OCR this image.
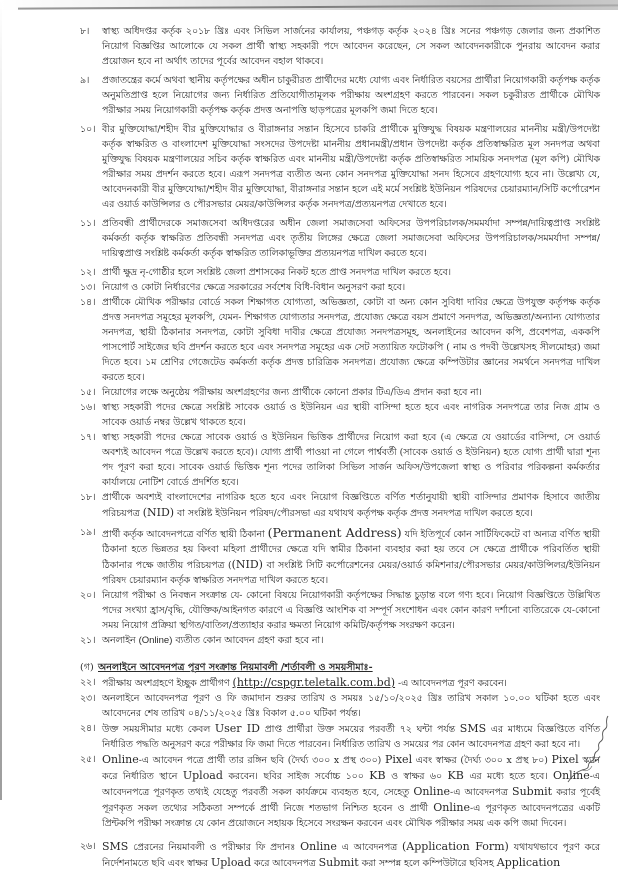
৮।	স্বাস্থ্য অধিদপ্তর কর্তৃক ২০১৮ খ্রিঃ এবং সিভিল সার্জনের কার্যালয়, পঞ্চগড় কর্তৃক ২০২৪ খ্রিঃ সনের পঞ্চগড় জেলার জন্য প্রকাশিত নিয়োগ বিজ্ঞপ্তির আলোকে যে সকল প্রার্থী স্বাস্থ্য সহকারী পদে আবেদন করেছেন, সে সকল আবেদনকারীকে পুনরায় আবেদন করার প্রয়োজন হবে না অর্থাৎ তাদের পূর্বের আবেদন বহাল থাকবে।
৯।	প্রজাতন্ত্রের কর্মে অথবা স্থানীয় কর্তৃপক্ষের অধীন চাকুরীরত প্রার্থীদের মধ্যে যোগ্য এবং নির্ধারিত বয়সের প্রার্থীরা নিয়োগকারী কর্তৃপক্ষ কর্তৃক অনুমতিপ্রাপ্ত হলে নিয়োগের জন্য নির্ধারিত প্রতিযোগীতামূলক পরীক্ষায় অংশগ্রহণ করতে পারবেন। সকল চকুরীরত প্রার্থীকে মৌখিক পরীক্ষার সময় নিয়োগকারী কর্তৃপক্ষ কর্তৃক প্রদত্ত অনাপত্তি ছাড়পত্রের মূলকপি জমা দিতে হবে।
১০। বীর মুক্তিযোদ্ধা/শহীদ বীর মুক্তিযোদ্ধার ও বীরাঙ্গনার সন্তান হিসেবে চাকরি প্রার্থীকে মুক্তিযুদ্ধ বিষয়ক মন্ত্রণালয়ের মাননীয় মন্ত্রী/উপদেষ্টা কর্তৃক স্বাক্ষরিত ও বাংলাদেশ মুক্তিযোদ্ধা সংসদের উপদেষ্টা মাননীয় প্রধানমন্ত্রী/প্রধান উপদেষ্টা কর্তৃক প্রতিস্বাক্ষরিত মূল সনদপত্র অথবা মুক্তিযুদ্ধ বিষয়ক মন্ত্রণালয়ের সচিব কর্তৃক স্বাক্ষরিত এবং মাননীয় মন্ত্রী/উপদেষ্টা কর্তৃক প্রতিস্বাক্ষরিত সাময়িক সনদপত্র (মূল কপি) মৌখিক পরীক্ষার সময় প্রদর্শন করতে হবে। এরূপ সনদপত্র ব্যতীত অন্য কোন সনদপত্র মুক্তিযোদ্ধা সনদ হিসেবে গ্রহণযোগ্য হবে না। উল্লেখ্য যে, আবেদনকারী বীর মুক্তিযোদ্ধা/শহীদ বীর মুক্তিযোদ্ধা, বীরাঙ্গনার সন্তান হলে এই মর্মে সংশ্লিষ্ট ইউনিয়ন পরিষদের চেয়ারম্যান/সিটি কর্পোরেশন এর ওয়ার্ড কাউন্সিলর ও পৌরসভার মেয়র/কাউন্সিলর কর্তৃক সনদপত্র/প্রত্যয়নপত্র দেখাতে হবে।
১১। প্রতিবন্ধী প্রার্থীদেরকে সমাজসেবা অধিদপ্তরের অধীন জেলা সমাজসেবা অফিসের উপপরিচালক/সমমর্যাদা সম্পন্ন/দায়িত্বপ্রাপ্ত সংশ্লিষ্ট কর্মকর্তা কর্তৃক স্বাক্ষরিত প্রতিবন্ধী সনদপত্র এবং তৃতীয় লিঙ্গের ক্ষেত্রে জেলা সমাজসেবা অফিসের উপপরিচালক/সমমর্যাদা সম্পন্ন/দায়িত্বপ্রাপ্ত সংশ্লিষ্ট কর্মকর্তা কর্তৃক স্বাক্ষরিত তালিকাভূক্তির প্রত্যয়নপত্র দাখিল করতে হবে।
১২। প্রার্থী ক্ষুদ্র নৃ-গোষ্ঠীর হলে সংশ্লিষ্ট জেলা প্রশাসকের নিকট হতে প্রাপ্ত সনদপত্র দাখিল করতে হবে।
১৩। নিয়োগ ও কোটা নির্ধারণের ক্ষেত্রে সরকারের সর্বশেষ বিধি-বিধান অনুসরণ করা হবে।
১৪। প্রার্থীকে মৌখিক পরীক্ষার বোর্ডে সকল শিক্ষাগত যোগ্যতা, অভিজ্ঞতা, কোটা বা অন্য কোন সুবিধা দাবির ক্ষেত্রে উপযুক্ত কর্তৃপক্ষ কর্তৃক প্রদত্ত সনদপত্র সমূহের মূলকপি, যেমন- শিক্ষাগত যোগ্যতার সনদপত্র, প্রযোজ্য ক্ষেত্রে বয়স প্রমাণে সনদপত্র, অভিজ্ঞতা/অন্যান্য যোগ্যতার সনদপত্র, স্থায়ী ঠিকানার সনদপত্র, কোটা সুবিধা দাবীর ক্ষেত্রে প্রযোজ্য সনদপত্রসমূহ, অনলাইনের আবেদন কপি, প্রবেশপত্র, এককপি পাসপোর্ট সাইজের ছবি প্রদর্শন করতে হবে এবং সনদপত্র সমূহের এক সেট সত্যায়িত ফটোকপি ( নাম ও পদবী উল্লেখসহ সীলমোহর) জমা দিতে হবে। ১ম শ্রেণির গেজেটেড কর্মকর্তা কর্তৃক প্রদত্ত চারিত্রিক সনদপত্র। প্রযোজ্য ক্ষেত্রে কম্পিউটার জ্ঞানের সমর্থনে সনদপত্র দাখিল করতে হবে।
১৫। নিয়োগের লক্ষে অনুষ্ঠেয় পরীক্ষায় অংশগ্রহণের জন্য প্রার্থীকে কোনো প্রকার টিএ/ডিএ প্রদান করা হবে না।
১৬। স্বাস্থ্য সহকারী পদের ক্ষেত্রে সংশ্লিষ্ট সাবেক ওয়ার্ড ও ইউনিয়ন এর স্থায়ী বাসিন্দা হতে হবে এবং নাগরিক সনদপত্রে তার নিজ গ্রাম ও সাবেক ওয়ার্ড নম্বর উল্লেখ থাকতে হবে।
১৭। স্বাস্থ্য সহকারী পদের ক্ষেত্রে সাবেক ওয়ার্ড ও ইউনিয়ন ভিত্তিক প্রার্থীদের নিয়োগ করা হবে (এ ক্ষেত্রে যে ওয়ার্ডের বাসিন্দা, সে ওয়ার্ড অবশ্যই আবেদন পত্রে উল্লেখ করতে হবে)। যোগ্য প্রার্থী পাওয়া না গেলে পার্শ্ববর্তী (সাবেক ওয়ার্ড ও ইউনিয়ন) হতে যোগ্য প্রার্থী দ্বারা শূন্য পদ পূরণ করা হবে। সাবেক ওয়ার্ড ভিত্তিক শূন্য পদের তালিকা সিভিল সার্জন অফিস/উপজেলা স্বাস্থ্য ও পরিবার পরিকল্পনা কর্মকর্তার কার্যালয়ে নোটিশ বোর্ডে প্রদর্শিত হবে।
১৮। প্রার্থীকে অবশ্যই বাংলাদেশের নাগরিক হতে হবে এবং নিয়োগ বিজ্ঞপ্তিতে বর্ণিত শর্তানুযায়ী স্থায়ী বাসিন্দার প্রমাণক হিসাবে জাতীয় পরিচয়পত্র (NID) বা সংশ্লিষ্ট ইউনিয়ন পরিষদ/পৌরসভা এর যথাযথ কর্তৃপক্ষ কর্তৃক প্রদত্ত সনদপত্র দাখিল করতে হবে।
১৯। প্রার্থী কর্তৃক আবেদনপত্রে বর্ণিত স্থায়ী ঠিকানা (Permanent Address) যদি ইতিপূর্বে কোন সার্টিফিকেটে বা অন্যত্র বর্ণিত স্থায়ী ঠিকানা হতে ভিন্নতর হয় কিংবা মহিলা প্রার্থীদের ক্ষেত্রে যদি স্বামীর ঠিকানা ব্যবহার করা হয় তবে সে ক্ষেত্রে প্রার্থীকে পরিবর্তিত স্থায়ী ঠিকানার পক্ষে জাতীয় পরিচয়পত্র ((NID) বা সংশ্লিষ্ট সিটি কর্পোরেশনের মেয়র/ওয়ার্ড কমিশনার/পৌরসভার মেয়র/কাউন্সিলর/ইউনিয়ন পরিষদ চেয়ারম্যান কর্তৃক স্বাক্ষরিত সনদপত্র দাখিল করতে হবে।
২০। নিয়োগ পরীক্ষা ও নিবন্ধন সংক্রান্ত যে- কোনো বিষয়ে নিয়োগকারী কর্তৃপক্ষের সিদ্ধান্ত চুড়ান্ত বলে গণ্য হবে। নিয়োগ বিজ্ঞপ্তিতে উল্লিখিত পদের সংখ্যা হ্রাস/বৃদ্ধি, যৌক্তিক/আইনগত কারণে এ বিজ্ঞপ্তি আংশিক বা সম্পূর্ণ সংশোধন এবং কোন কারণ দর্শানো ব্যতিরেকে যে-কোনো সময় নিয়োগ প্রক্রিয়া স্থগিত/বাতিল/প্রত্যাহার করার ক্ষমতা নিয়োগ কমিটি/কর্তৃপক্ষ সংরক্ষণ করেন।
২১। অনলাইন (Online) ব্যতীত কোন আবেদন গ্রহণ করা হবে না।
(গ) অনলাইনে আবেদনপত্র পূরণ সংক্রান্ত নিয়মাবলী /শর্তাবলী ও সময়সীমাঃ-
২২। পরীক্ষায় অংশগ্রহণে ইচ্ছুক প্রার্থীগণ (http://cspgr.teletalk.com.bd) -এ আবেদনপত্র পূরণ করবেন।
২৩। অনলাইনে আবেদনপত্র পূরণ ও ফি জমাদান শুরুর তারিখ ও সময়ঃ ১৫/১০/২০২৫ খ্রিঃ তারিখ সকাল ১০.০০ ঘটিকা হতে এবং আবেদনের শেষ তারিখ ০৪/১১/২০২৫ খ্রিঃ বিকাল ৫.০০ ঘটিকা পর্যন্ত।
২৪। উক্ত সময়সীমার মধ্যে কেবল User ID প্রাপ্ত প্রার্থীরা উক্ত সময়ের পরবর্তী ৭২ ঘন্টা পর্যন্ত SMS এর মাধ্যমে বিজ্ঞপ্তিতে বর্ণিত নির্ধারিত পদ্ধতি অনুসরণ করে পরীক্ষার ফি জমা দিতে পারবেন। নির্ধারিত তারিখ ও সময়ের পর কোন আবেদনপত্র গ্রহণ করা হবে না।
২৫। Online-এ আবেদন পত্রে প্রার্থী তার রঙ্গিন ছবি (দৈর্ঘ্য ৩০০ x প্রস্থ ৩০০) Pixel এবং স্বাক্ষর (দৈর্ঘ্য ৩০০ x প্রস্থ ৮০) Pixel স্ক্যান করে নির্ধারিত স্থানে Upload করবেন। ছবির সাইজ সর্বোচ্চ ১০০ KB ও স্বাক্ষর ৬০ KB এর মধ্যে হতে হবে। Online-এ আবেদনপত্রে পূরণকৃত তথ্যই যেহেতু পরবর্তী সকল কার্যক্রমে ব্যবহৃত হবে, সেহেতু Online-এ আবেদনপত্র Submit করার পূর্বেই পূরণকৃত সকল তথ্যের সঠিকতা সম্পর্কে প্রার্থী নিজে শতভাগ নিশ্চিত হবেন ও প্রার্থী Online-এ পূরণকৃত আবেদনপত্রের একটি প্রিন্টকপি পরীক্ষা সংক্রান্ত যে কোন প্রয়োজনে সহায়ক হিসেবে সংরক্ষন করবেন এবং মৌখিক পরীক্ষার সময় এক কপি জমা দিবেন।
২৬। SMS প্রেরনের নিয়মাবলী ও পরীক্ষার ফি প্রদানঃ Online এ আবেদনপত্র (Application Form) যথাযথভাবে পূরণ করে নির্দেশনামতে ছবি এবং স্বাক্ষর Upload করে আবেদনপত্র Submit করা সম্পন্ন হলে কম্পিউটারে ছবিসহ Application
